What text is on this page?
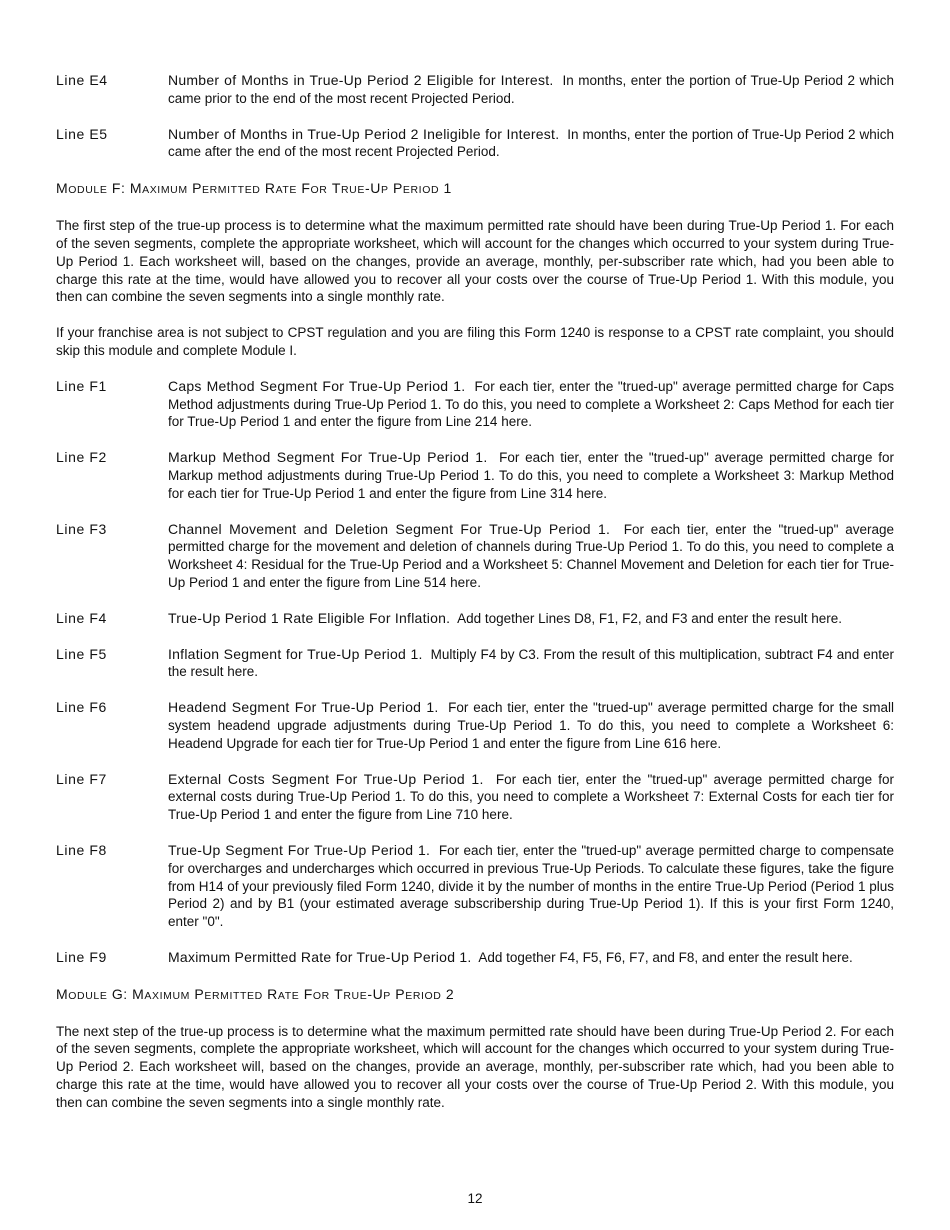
Line E4	Number of Months in True-Up Period 2 Eligible for Interest. In months, enter the portion of True-Up Period 2 which came prior to the end of the most recent Projected Period.
Line E5	Number of Months in True-Up Period 2 Ineligible for Interest. In months, enter the portion of True-Up Period 2 which came after the end of the most recent Projected Period.
MODULE F: MAXIMUM PERMITTED RATE FOR TRUE-UP PERIOD 1

The first step of the true-up process is to determine what the maximum permitted rate should have been during True-Up Period 1. For each of the seven segments, complete the appropriate worksheet, which will account for the changes which occurred to your system during True-Up Period 1. Each worksheet will, based on the changes, provide an average, monthly, per-subscriber rate which, had you been able to charge this rate at the time, would have allowed you to recover all your costs over the course of True-Up Period 1. With this module, you then can combine the seven segments into a single monthly rate.

If your franchise area is not subject to CPST regulation and you are filing this Form 1240 is response to a CPST rate complaint, you should skip this module and complete Module I.

Line F1	Caps Method Segment For True-Up Period 1. For each tier, enter the "trued-up" average permitted charge for Caps Method adjustments during True-Up Period 1. To do this, you need to complete a Worksheet 2: Caps Method for each tier for True-Up Period 1 and enter the figure from Line 214 here.
Line F2	Markup Method Segment For True-Up Period 1. For each tier, enter the "trued-up" average permitted charge for Markup method adjustments during True-Up Period 1. To do this, you need to complete a Worksheet 3: Markup Method for each tier for True-Up Period 1 and enter the figure from Line 314 here.
Line F3	Channel Movement and Deletion Segment For True-Up Period 1. For each tier, enter the "trued-up" average permitted charge for the movement and deletion of channels during True-Up Period 1. To do this, you need to complete a Worksheet 4: Residual for the True-Up Period and a Worksheet 5: Channel Movement and Deletion for each tier for True-Up Period 1 and enter the figure from Line 514 here.
Line F4	True-Up Period 1 Rate Eligible For Inflation. Add together Lines D8, F1, F2, and F3 and enter the result here.
Line F5	Inflation Segment for True-Up Period 1. Multiply F4 by C3. From the result of this multiplication, subtract F4 and enter the result here.
Line F6	Headend Segment For True-Up Period 1. For each tier, enter the "trued-up" average permitted charge for the small system headend upgrade adjustments during True-Up Period 1. To do this, you need to complete a Worksheet 6: Headend Upgrade for each tier for True-Up Period 1 and enter the figure from Line 616 here.
Line F7	External Costs Segment For True-Up Period 1. For each tier, enter the "trued-up" average permitted charge for external costs during True-Up Period 1. To do this, you need to complete a Worksheet 7: External Costs for each tier for True-Up Period 1 and enter the figure from Line 710 here.
Line F8	True-Up Segment For True-Up Period 1. For each tier, enter the "trued-up" average permitted charge to compensate for overcharges and undercharges which occurred in previous True-Up Periods. To calculate these figures, take the figure from H14 of your previously filed Form 1240, divide it by the number of months in the entire True-Up Period (Period 1 plus Period 2) and by B1 (your estimated average subscribership during True-Up Period 1). If this is your first Form 1240, enter "0".
Line F9	Maximum Permitted Rate for True-Up Period 1. Add together F4, F5, F6, F7, and F8, and enter the result here.
MODULE G: MAXIMUM PERMITTED RATE FOR TRUE-UP PERIOD 2

The next step of the true-up process is to determine what the maximum permitted rate should have been during True-Up Period 2. For each of the seven segments, complete the appropriate worksheet, which will account for the changes which occurred to your system during True-Up Period 2. Each worksheet will, based on the changes, provide an average, monthly, per-subscriber rate which, had you been able to charge this rate at the time, would have allowed you to recover all your costs over the course of True-Up Period 2. With this module, you then can combine the seven segments into a single monthly rate.

12
